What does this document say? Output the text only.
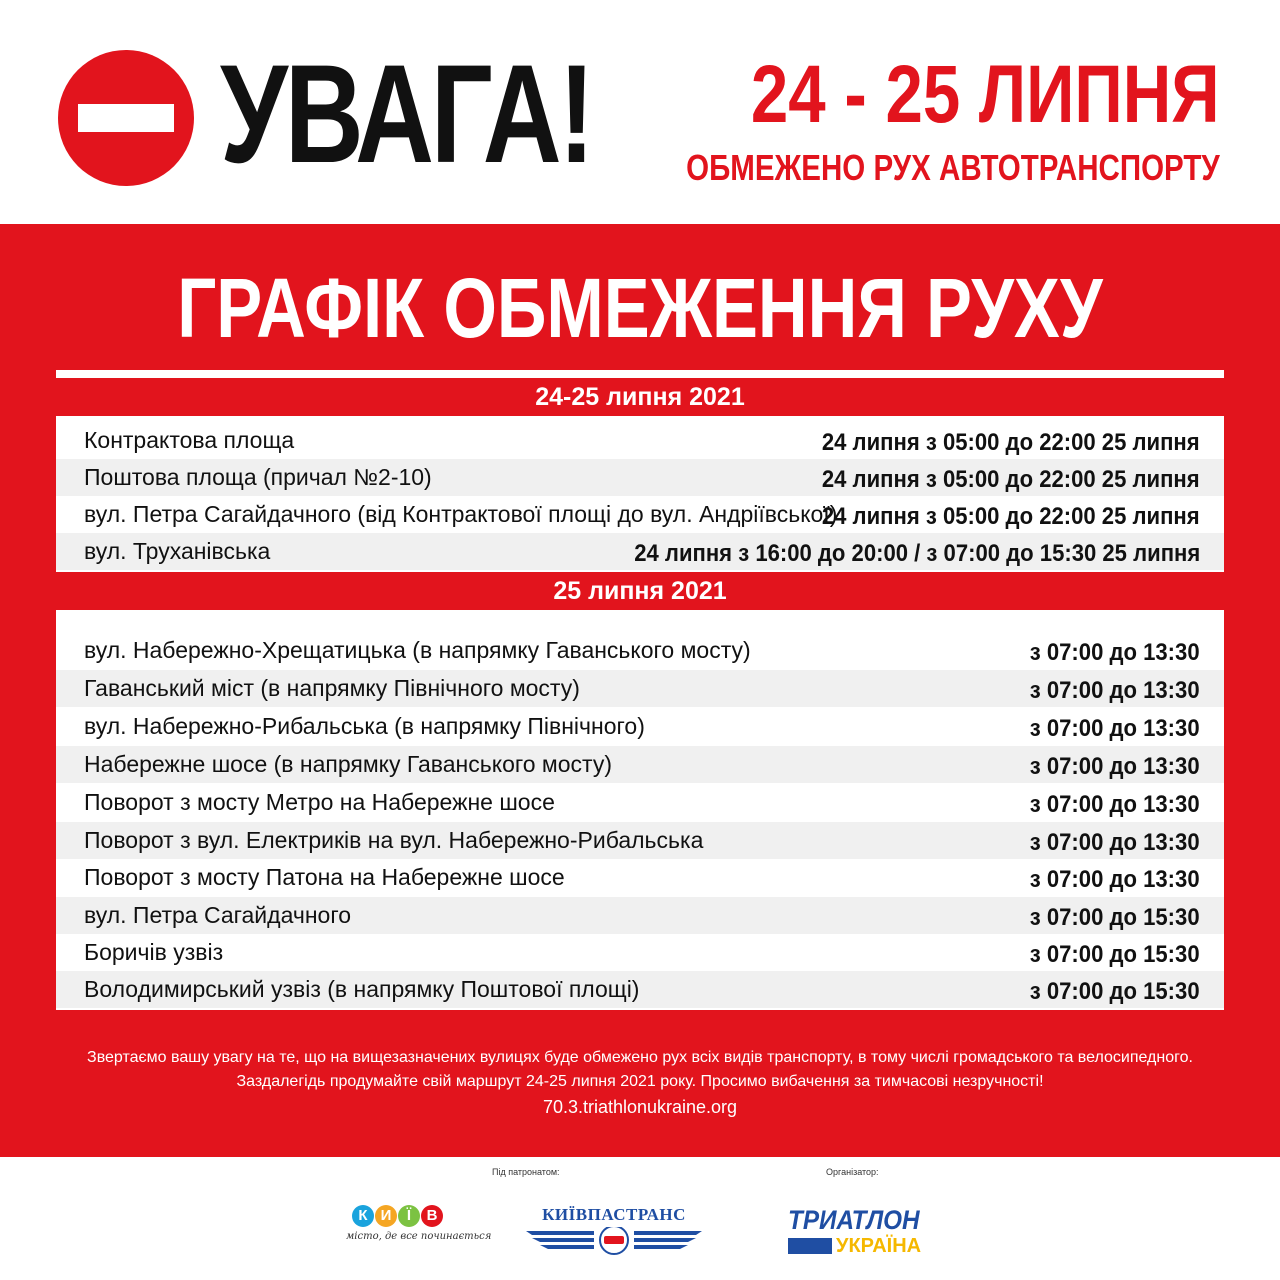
УВАГА! 24 - 25 ЛИПНЯ
ОБМЕЖЕНО РУХ АВТОТРАНСПОРТУ
ГРАФІК ОБМЕЖЕННЯ РУХУ
24-25 липня 2021
Контрактова площа	24 липня з 05:00 до 22:00 25 липня
Поштова площа (причал №2-10)	24 липня з 05:00 до 22:00 25 липня
вул. Петра Сагайдачного (від Контрактової площі до вул. Андріївської)
24 липня з 05:00 до 22:00 25 липня
вул. Труханівська	24 липня з 16:00 до 20:00 / з 07:00 до 15:30 25 липня
25 липня 2021
вул. Набережно-Хрещатицька (в напрямку Гаванського мосту)	з 07:00 до 13:30
Гаванський міст (в напрямку Північного мосту)	з 07:00 до 13:30
вул. Набережно-Рибальська (в напрямку Північного)	з 07:00 до 13:30
Набережне шосе (в напрямку Гаванського мосту)	з 07:00 до 13:30
Поворот з мосту Метро на Набережне шосе	з 07:00 до 13:30
Поворот з вул. Електриків на вул. Набережно-Рибальська	з 07:00 до 13:30
Поворот з мосту Патона на Набережне шосе	з 07:00 до 13:30
вул. Петра Сагайдачного	з 07:00 до 15:30
Боричів узвіз	з 07:00 до 15:30
Володимирський узвіз (в напрямку Поштової площі)	з 07:00 до 15:30
Звертаємо вашу увагу на те, що на вищезазначених вулицях буде обмежено рух всіх видів транспорту, в тому числі громадського та велосипедного.
Заздалегідь продумайте свій маршрут 24-25 липня 2021 року. Просимо вибачення за тимчасові незручності!
70.3.triathlonukraine.org
Під патронатом:	Організатор:
К И	Ї	В
місто, де все починається
КИЇВПАСТРАНС	ТРИАТЛОН
УКРАЇНА
